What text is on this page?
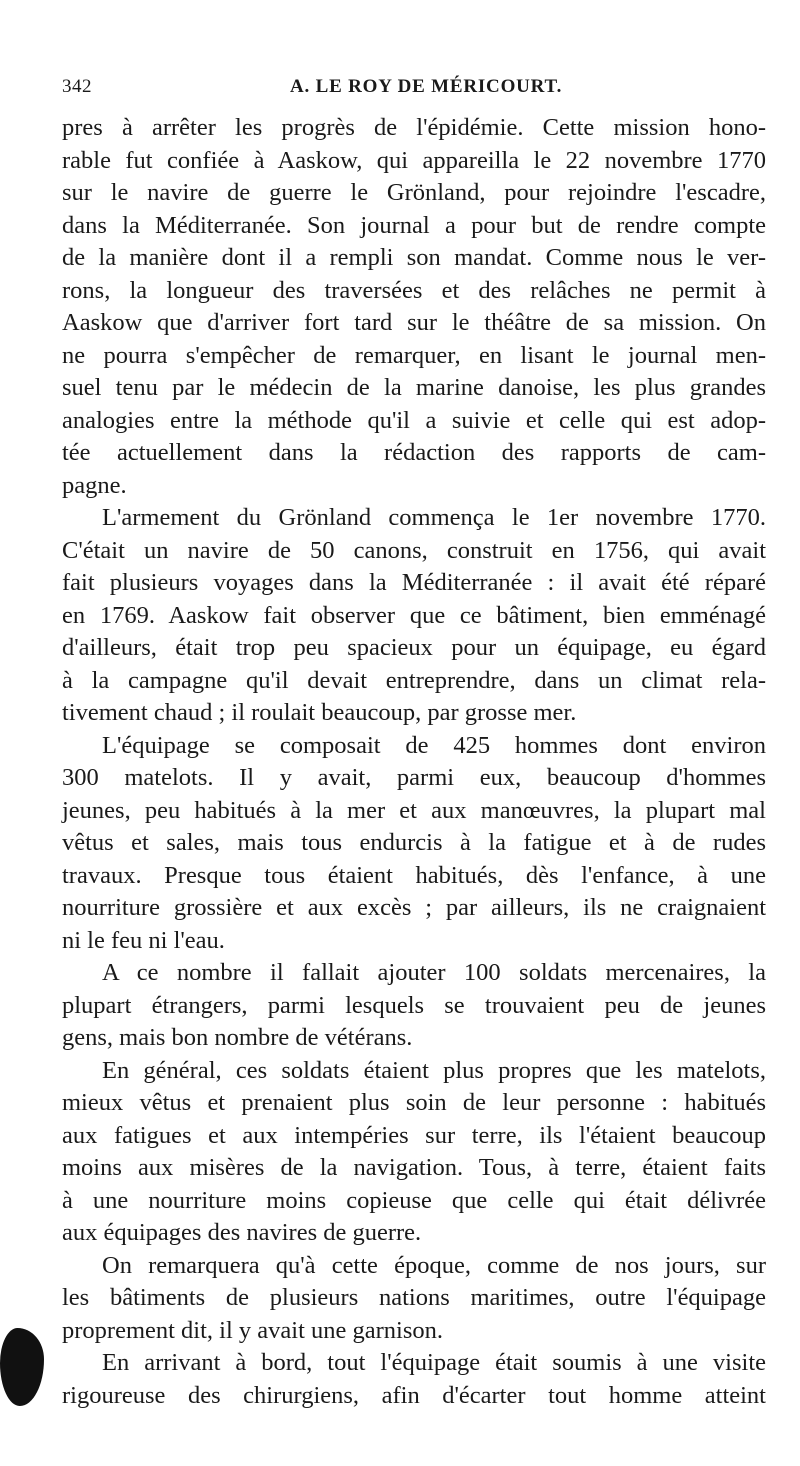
342	A. LE ROY DE MÉRICOURT.
pres à arrêter les progrès de l'épidémie. Cette mission hono-
rable fut confiée à Aaskow, qui appareilla le 22 novembre 1770
sur le navire de guerre le Grönland, pour rejoindre l'escadre,
dans la Méditerranée. Son journal a pour but de rendre compte
de la manière dont il a rempli son mandat. Comme nous le ver-
rons, la longueur des traversées et des relâches ne permit à
Aaskow que d'arriver fort tard sur le théâtre de sa mission. On
ne pourra s'empêcher de remarquer, en lisant le journal men-
suel tenu par le médecin de la marine danoise, les plus grandes
analogies entre la méthode qu'il a suivie et celle qui est adop-
tée actuellement dans la rédaction des rapports de cam-
pagne.
L'armement du Grönland commença le 1er novembre 1770.
C'était un navire de 50 canons, construit en 1756, qui avait
fait plusieurs voyages dans la Méditerranée : il avait été réparé
en 1769. Aaskow fait observer que ce bâtiment, bien emménagé
d'ailleurs, était trop peu spacieux pour un équipage, eu égard
à la campagne qu'il devait entreprendre, dans un climat rela-
tivement chaud ; il roulait beaucoup, par grosse mer.
L'équipage se composait de 425 hommes dont environ
300 matelots. Il y avait, parmi eux, beaucoup d'hommes
jeunes, peu habitués à la mer et aux manœuvres, la plupart mal
vêtus et sales, mais tous endurcis à la fatigue et à de rudes
travaux. Presque tous étaient habitués, dès l'enfance, à une
nourriture grossière et aux excès ; par ailleurs, ils ne craignaient
ni le feu ni l'eau.
A ce nombre il fallait ajouter 100 soldats mercenaires, la
plupart étrangers, parmi lesquels se trouvaient peu de jeunes
gens, mais bon nombre de vétérans.
En général, ces soldats étaient plus propres que les matelots,
mieux vêtus et prenaient plus soin de leur personne : habitués
aux fatigues et aux intempéries sur terre, ils l'étaient beaucoup
moins aux misères de la navigation. Tous, à terre, étaient faits
à une nourriture moins copieuse que celle qui était délivrée
aux équipages des navires de guerre.
On remarquera qu'à cette époque, comme de nos jours, sur
les bâtiments de plusieurs nations maritimes, outre l'équipage
proprement dit, il y avait une garnison.
En arrivant à bord, tout l'équipage était soumis à une visite
rigoureuse des chirurgiens, afin d'écarter tout homme atteint
